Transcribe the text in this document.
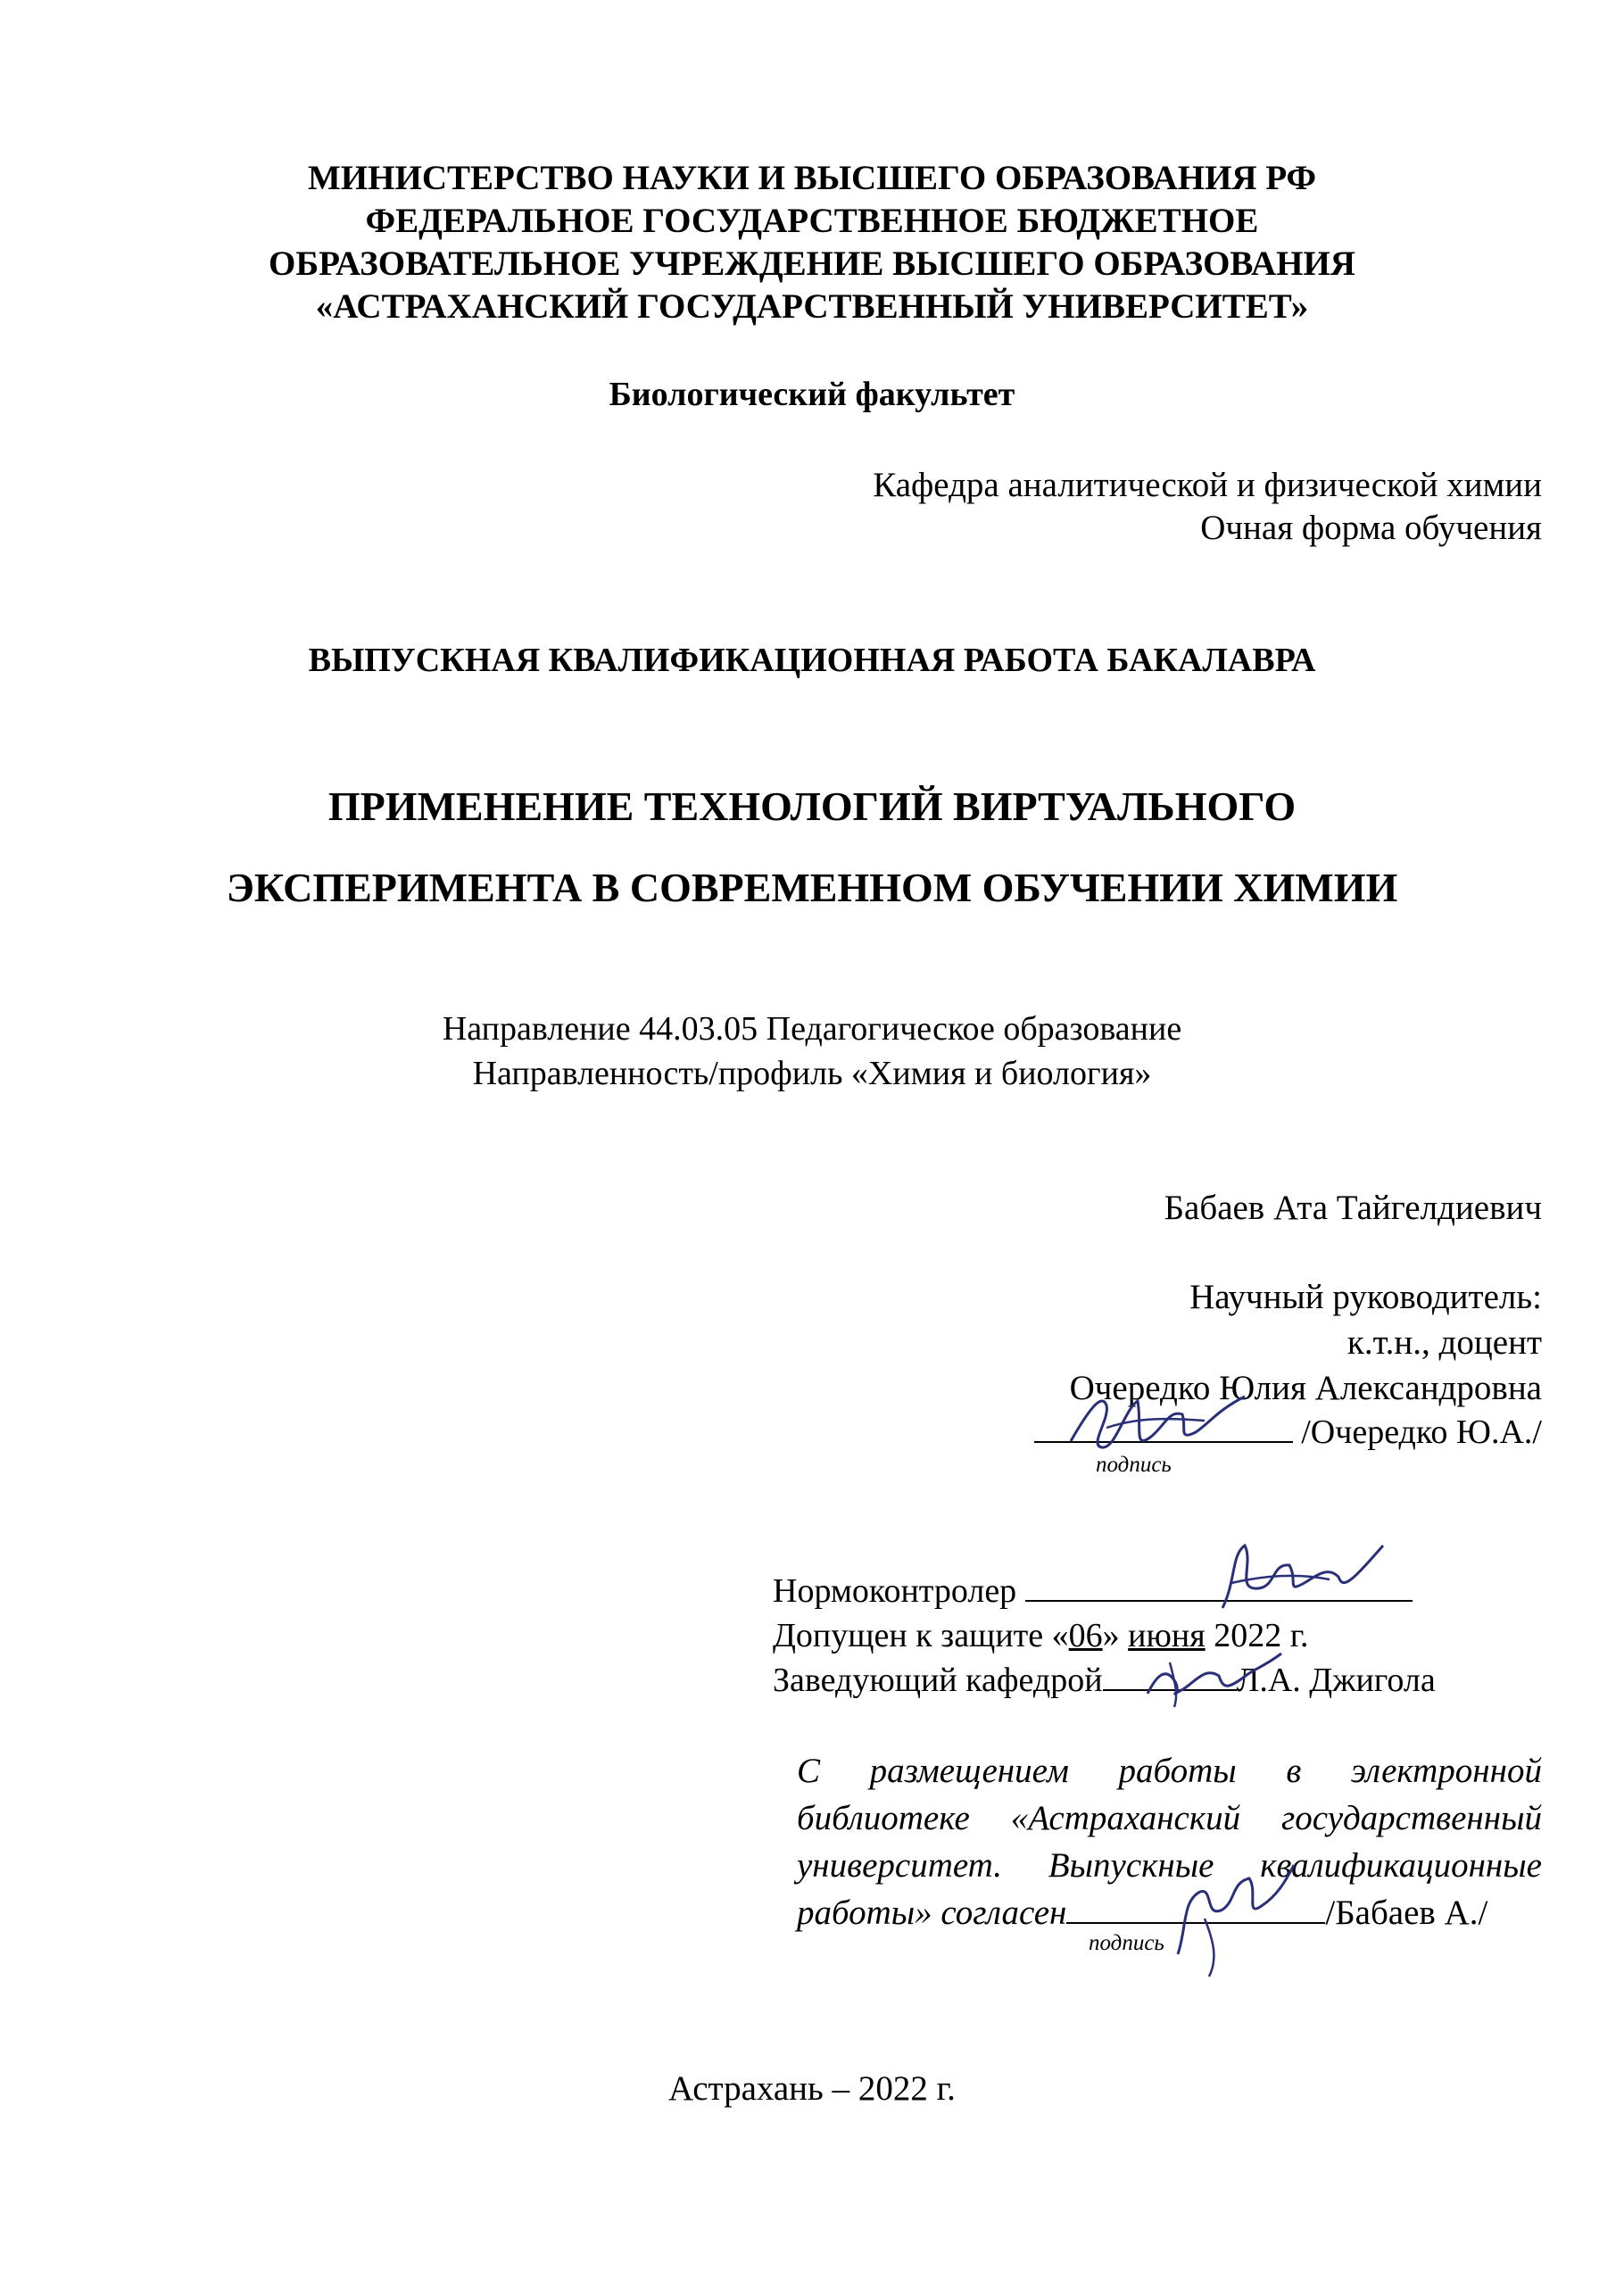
МИНИСТЕРСТВО НАУКИ И ВЫСШЕГО ОБРАЗОВАНИЯ РФ
ФЕДЕРАЛЬНОЕ ГОСУДАРСТВЕННОЕ БЮДЖЕТНОЕ
ОБРАЗОВАТЕЛЬНОЕ УЧРЕЖДЕНИЕ ВЫСШЕГО ОБРАЗОВАНИЯ
«АСТРАХАНСКИЙ ГОСУДАРСТВЕННЫЙ УНИВЕРСИТЕТ»
Биологический факультет
Кафедра аналитической и физической химии
Очная форма обучения
ВЫПУСКНАЯ КВАЛИФИКАЦИОННАЯ РАБОТА БАКАЛАВРА
ПРИМЕНЕНИЕ ТЕХНОЛОГИЙ ВИРТУАЛЬНОГО
ЭКСПЕРИМЕНТА В СОВРЕМЕННОМ ОБУЧЕНИИ ХИМИИ
Направление 44.03.05 Педагогическое образование
Направленность/профиль «Химия и биология»
Бабаев Ата Тайгелдиевич
Научный руководитель:
к.т.н., доцент
Очередко Юлия Александровна
/Очередко Ю.А./
подпись
Нормоконтролер
Допущен к защите «06» июня 2022 г.
Заведующий кафедрой	Л.А. Джигола
С размещением работы в электронной библиотеке «Астраханский государственный университет. Выпускные квалификационные работы» согласен	/Бабаев А./
подпись
Астрахань – 2022 г.
